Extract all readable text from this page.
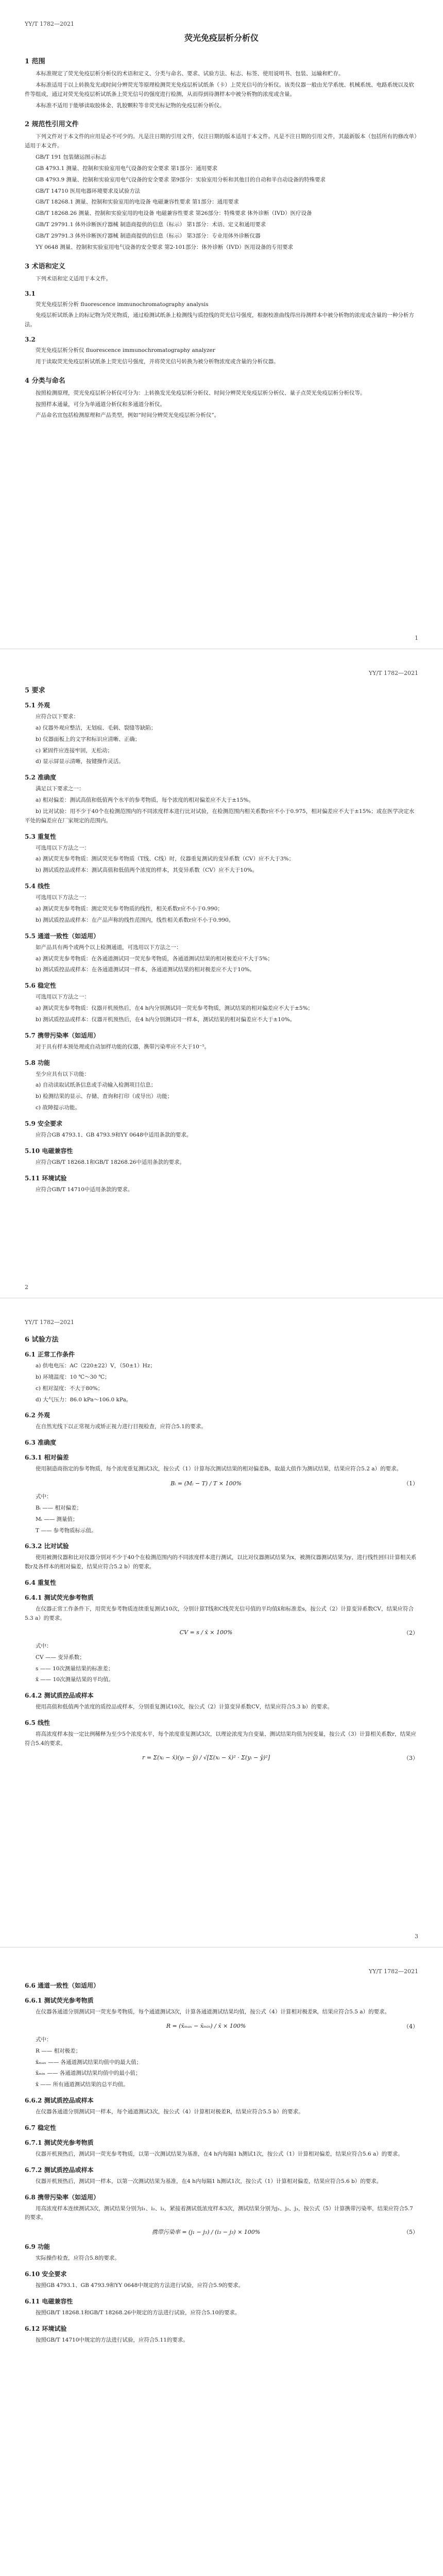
YY/T 1782—2021
荧光免疫层析分析仪
1 范围

本标准规定了荧光免疫层析分析仪的术语和定义、分类与命名、要求、试验方法、标志、标签、使用说明书、包装、运输和贮存。

本标准适用于以上转换发光或时间分辨荧光等原理检测荧光免疫层析试纸条（卡）上荧光信号的分析仪。该类仪器一般由光学系统、机械系统、电路系统以及软件等组成，通过对荧光免疫层析试纸条上荧光信号的强度进行检测，从而得到待测样本中被分析物的浓度或含量。

本标准不适用于能够读取胶体金、乳胶颗粒等非荧光标记物的免疫层析分析仪。

2 规范性引用文件

下列文件对于本文件的应用是必不可少的。凡是注日期的引用文件，仅注日期的版本适用于本文件。凡是不注日期的引用文件，其最新版本（包括所有的修改单）适用于本文件。

GB/T 191 包装储运图示标志

GB 4793.1 测量、控制和实验室用电气设备的安全要求 第1部分：通用要求

GB 4793.9 测量、控制和实验室用电气设备的安全要求 第9部分：实验室用分析和其他目的自动和半自动设备的特殊要求

GB/T 14710 医用电器环境要求及试验方法

GB/T 18268.1 测量、控制和实验室用的电设备 电磁兼容性要求 第1部分：通用要求

GB/T 18268.26 测量、控制和实验室用的电设备 电磁兼容性要求 第26部分：特殊要求 体外诊断（IVD）医疗设备

GB/T 29791.1 体外诊断医疗器械 制造商提供的信息（标示） 第1部分：术语、定义和通用要求

GB/T 29791.3 体外诊断医疗器械 制造商提供的信息（标示） 第3部分：专业用体外诊断仪器

YY 0648 测量、控制和实验室用电气设备的安全要求 第2-101部分：体外诊断（IVD）医用设备的专用要求

3 术语和定义

下列术语和定义适用于本文件。

3.1

荧光免疫层析分析 fluorescence immunochromatography analysis

免疫层析试纸条上的标记物为荧光物质，通过检测试纸条上检测线与质控线的荧光信号强度，根据校准曲线得出待测样本中被分析物的浓度或含量的一种分析方法。

3.2

荧光免疫层析分析仪 fluorescence immunochromatography analyzer

用于读取荧光免疫层析试纸条上荧光信号强度，并将荧光信号转换为被分析物浓度或含量的分析仪器。

4 分类与命名

按照检测原理，荧光免疫层析分析仪可分为：上转换发光免疫层析分析仪、时间分辨荧光免疫层析分析仪、量子点荧光免疫层析分析仪等。

按照样本通量，可分为单通道分析仪和多通道分析仪。

产品命名宜包括检测原理和产品类型，例如“时间分辨荧光免疫层析分析仪”。

1
YY/T 1782—2021
5 要求
5.1 外观

应符合以下要求：

a) 仪器外观应整洁，无划痕、毛刺、裂缝等缺陷；

b) 仪器面板上的文字和标识应清晰、正确；

c) 紧固件应连接牢固，无松动；

d) 显示屏显示清晰，按键操作灵活。

5.2 准确度

满足以下要求之一：

a) 相对偏差：测试高值和低值两个水平的参考物质，每个浓度的相对偏差应不大于±15%。

b) 比对试验：用不少于40个在检测范围内的不同浓度样本进行比对试验，在检测范围内相关系数r应不小于0.975，相对偏差应不大于±15%；或在医学决定水平处的偏差应在厂家规定的范围内。

5.3 重复性

可选用以下方法之一：

a) 测试荧光参考物质：测试荧光参考物质（T线、C线）时，仪器重复测试的变异系数（CV）应不大于3%；

b) 测试质控品或样本：测试高值和低值两个浓度的样本，其变异系数（CV）应不大于10%。

5.4 线性

可选用以下方法之一：

a) 测试荧光参考物质：测定荧光参考物质的线性，相关系数r应不小于0.990；

b) 测试质控品或样本：在产品声称的线性范围内，线性相关系数r应不小于0.990。

5.5 通道一致性（如适用）

如产品具有两个或两个以上检测通道，可选用以下方法之一：

a) 测试荧光参考物质：在各通道测试同一荧光参考物质，各通道测试结果的相对极差应不大于5%；

b) 测试质控品或样本：在各通道测试同一样本，各通道测试结果的相对极差应不大于10%。

5.6 稳定性

可选用以下方法之一：

a) 测试荧光参考物质：仪器开机预热后，在4 h内分别测试同一荧光参考物质，测试结果的相对偏差应不大于±5%；

b) 测试质控品或样本：仪器开机预热后，在4 h内分别测试同一样本，测试结果的相对偏差应不大于±10%。

5.7 携带污染率（如适用）

对于具有样本预处理或自动加样功能的仪器，携带污染率应不大于10⁻⁵。

5.8 功能

至少应具有以下功能：

a) 自动读取试纸条信息或手动输入检测项目信息；

b) 检测结果的显示、存储、查询和打印（或导出）功能；

c) 故障提示功能。

5.9 安全要求

应符合GB 4793.1、GB 4793.9和YY 0648中适用条款的要求。

5.10 电磁兼容性

应符合GB/T 18268.1和GB/T 18268.26中适用条款的要求。

5.11 环境试验

应符合GB/T 14710中适用条款的要求。

2
YY/T 1782—2021
6 试验方法
6.1 正常工作条件

a) 供电电压：AC（220±22）V，（50±1）Hz；

b) 环境温度：10 ℃～30 ℃；

c) 相对湿度：不大于80%；

d) 大气压力：86.0 kPa～106.0 kPa。

6.2 外观

在自然光线下以正常视力或矫正视力进行目视检查，应符合5.1的要求。

6.3 准确度
6.3.1 相对偏差

使用制造商指定的参考物质，每个浓度重复测试3次，按公式（1）计算每次测试结果的相对偏差Bᵢ，取最大值作为测试结果，结果应符合5.2 a）的要求。

Bᵢ = (Mᵢ − T) / T × 100%	（1）

式中：

Bᵢ —— 相对偏差；

Mᵢ —— 测量值；

T —— 参考物质标示值。

6.3.2 比对试验

使用被测仪器和比对仪器分别对不少于40个在检测范围内的不同浓度样本进行测试，以比对仪器测试结果为x，被测仪器测试结果为y，进行线性回归计算相关系数r及各样本的相对偏差，结果应符合5.2 b）的要求。

6.4 重复性
6.4.1 测试荧光参考物质

在仪器正常工作条件下，用荧光参考物质连续重复测试10次，分别计算T线和C线荧光信号值的平均值x̄和标准差s，按公式（2）计算变异系数CV，结果应符合5.3 a）的要求。

CV = s / x̄ × 100%	（2）

式中：

CV —— 变异系数；

s —— 10次测量结果的标准差；

x̄ —— 10次测量结果的平均值。

6.4.2 测试质控品或样本

使用高值和低值两个浓度的质控品或样本，分别重复测试10次，按公式（2）计算变异系数CV，结果应符合5.3 b）的要求。

6.5 线性

将高浓度样本按一定比例稀释为至少5个浓度水平，每个浓度重复测试3次，以理论浓度为自变量、测试结果均值为因变量，按公式（3）计算相关系数r，结果应符合5.4的要求。

r = Σ(xᵢ − x̄)(yᵢ − ȳ) / √[Σ(xᵢ − x̄)² · Σ(yᵢ − ȳ)²]	（3）
3
YY/T 1782—2021
6.6 通道一致性（如适用）
6.6.1 测试荧光参考物质

在仪器各通道分别测试同一荧光参考物质，每个通道测试3次，计算各通道测试结果均值，按公式（4）计算相对极差R，结果应符合5.5 a）的要求。

R = (x̄ₘₐₓ − x̄ₘᵢₙ) / x̄ × 100%	（4）

式中：

R —— 相对极差；

x̄ₘₐₓ —— 各通道测试结果均值中的最大值；

x̄ₘᵢₙ —— 各通道测试结果均值中的最小值；

x̄ —— 所有通道测试结果的总平均值。

6.6.2 测试质控品或样本

在仪器各通道分别测试同一样本，每个通道测试3次，按公式（4）计算相对极差R，结果应符合5.5 b）的要求。

6.7 稳定性
6.7.1 测试荧光参考物质

仪器开机预热后，测试同一荧光参考物质，以第一次测试结果为基准，在4 h内每隔1 h测试1次，按公式（1）计算相对偏差，结果应符合5.6 a）的要求。

6.7.2 测试质控品或样本

仪器开机预热后，测试同一样本，以第一次测试结果为基准，在4 h内每隔1 h测试1次，按公式（1）计算相对偏差，结果应符合5.6 b）的要求。

6.8 携带污染率（如适用）

用高浓度样本连续测试3次，测试结果分别为i₁、i₂、i₃，紧接着测试低浓度样本3次，测试结果分别为j₁、j₂、j₃，按公式（5）计算携带污染率，结果应符合5.7的要求。

携带污染率 = (j₁ − j₃) / (i₃ − j₃) × 100%	（5）
6.9 功能

实际操作检查，应符合5.8的要求。

6.10 安全要求

按照GB 4793.1、GB 4793.9和YY 0648中规定的方法进行试验，应符合5.9的要求。

6.11 电磁兼容性

按照GB/T 18268.1和GB/T 18268.26中规定的方法进行试验，应符合5.10的要求。

6.12 环境试验

按照GB/T 14710中规定的方法进行试验，应符合5.11的要求。
